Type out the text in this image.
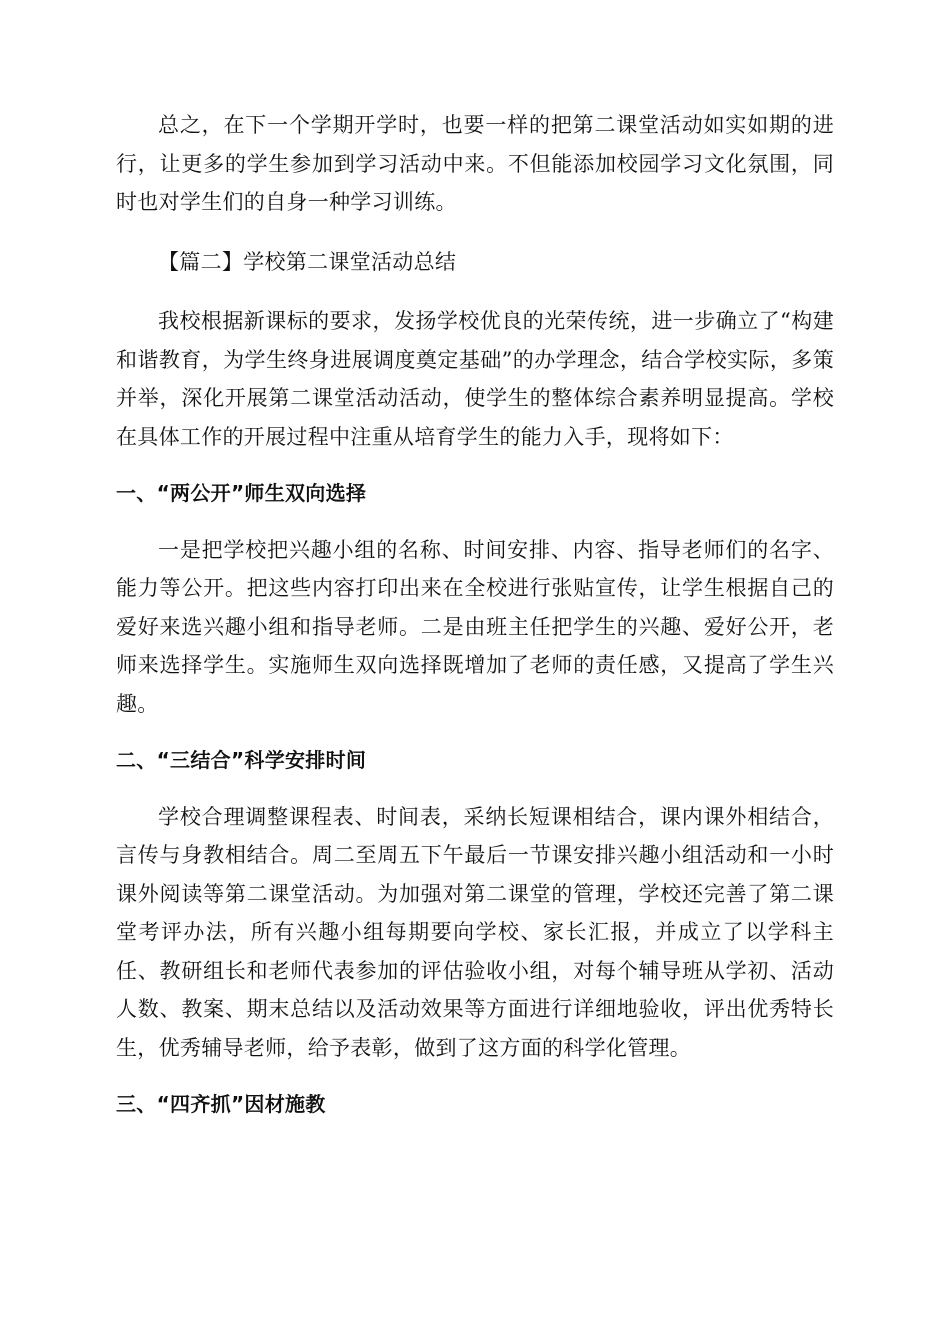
总之，在下一个学期开学时，也要一样的把第二课堂活动如实如期的进行，让更多的学生参加到学习活动中来。不但能添加校园学习文化氛围，同时也对学生们的自身一种学习训练。

【篇二】学校第二课堂活动总结

我校根据新课标的要求，发扬学校优良的光荣传统，进一步确立了“构建和谐教育，为学生终身进展调度奠定基础”的办学理念，结合学校实际，多策并举，深化开展第二课堂活动活动，使学生的整体综合素养明显提高。学校在具体工作的开展过程中注重从培育学生的能力入手，现将如下：

一、“两公开”师生双向选择

一是把学校把兴趣小组的名称、时间安排、内容、指导老师们的名字、能力等公开。把这些内容打印出来在全校进行张贴宣传，让学生根据自己的爱好来选兴趣小组和指导老师。二是由班主任把学生的兴趣、爱好公开，老师来选择学生。实施师生双向选择既增加了老师的责任感，又提高了学生兴趣。

二、“三结合”科学安排时间

学校合理调整课程表、时间表，采纳长短课相结合，课内课外相结合，言传与身教相结合。周二至周五下午最后一节课安排兴趣小组活动和一小时课外阅读等第二课堂活动。为加强对第二课堂的管理，学校还完善了第二课堂考评办法，所有兴趣小组每期要向学校、家长汇报，并成立了以学科主任、教研组长和老师代表参加的评估验收小组，对每个辅导班从学初、活动人数、教案、期末总结以及活动效果等方面进行详细地验收，评出优秀特长生，优秀辅导老师，给予表彰，做到了这方面的科学化管理。

三、“四齐抓”因材施教
